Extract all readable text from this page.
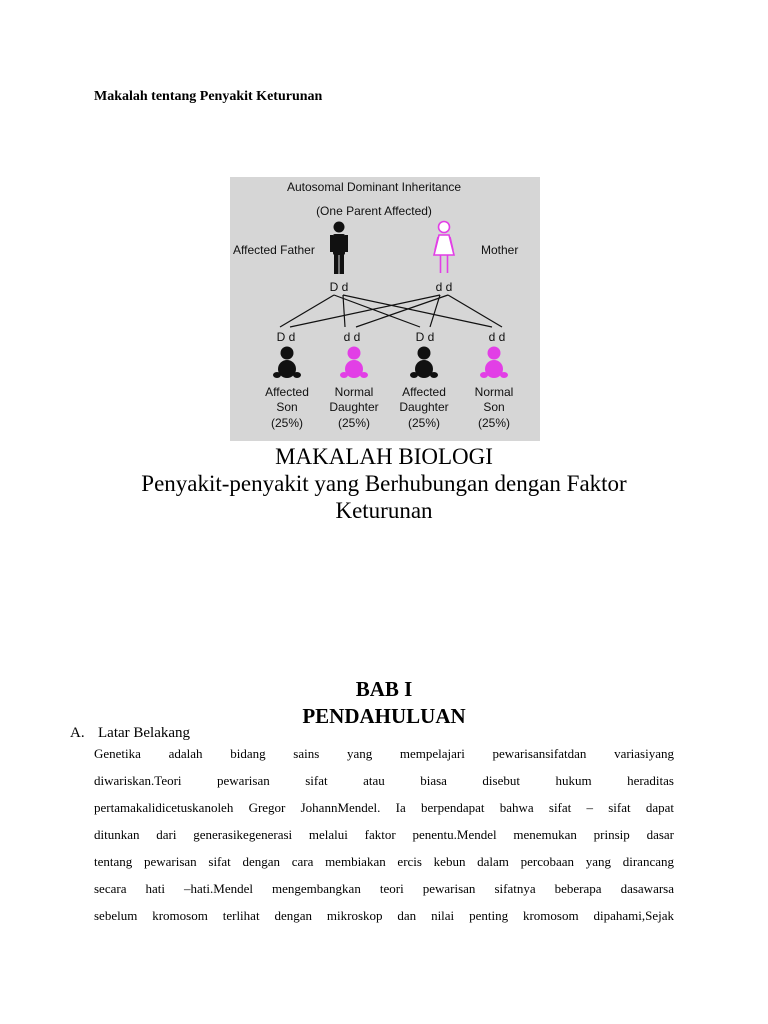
Makalah tentang Penyakit Keturunan
Autosomal Dominant Inheritance
(One Parent Affected)
Affected Father
D d
Mother
d d
D d
Affected
Son
(25%)
d d
Normal
Daughter
(25%)
D d
Affected
Daughter
(25%)
d d
Normal
Son
(25%)
MAKALAH BIOLOGI
Penyakit-penyakit yang Berhubungan dengan Faktor
Keturunan
BAB I
PENDAHULUAN
A. Latar Belakang
Genetika adalah bidang sains yang mempelajari pewarisansifatdan variasiyang
diwariskan.Teori pewarisan sifat atau biasa disebut hukum heraditas
pertamakalidicetuskanoleh Gregor JohannMendel. Ia berpendapat bahwa sifat – sifat dapat
ditunkan dari generasikegenerasi melalui faktor penentu.Mendel menemukan prinsip dasar
tentang pewarisan sifat dengan cara membiakan ercis kebun dalam percobaan yang dirancang
secara hati –hati.Mendel mengembangkan teori pewarisan sifatnya beberapa dasawarsa
sebelum kromosom terlihat dengan mikroskop dan nilai penting kromosom dipahami,Sejak
